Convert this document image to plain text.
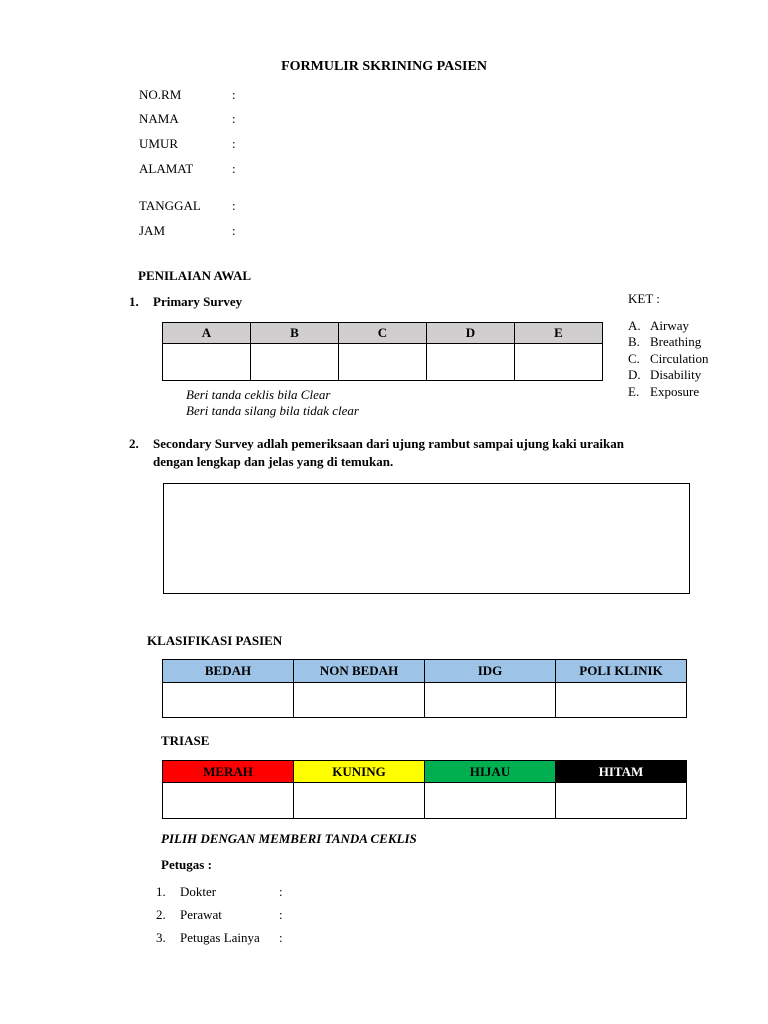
FORMULIR SKRINING PASIEN
NO.RM	:
NAMA	:
UMUR	:
ALAMAT	:
TANGGAL :
JAM	:
PENILAIAN AWAL
1. Primary Survey
A	B	C	D	E

Beri tanda ceklis bila Clear
Beri tanda silang bila tidak clear
KET :
A. Airway
B. Breathing
C. Circulation
D. Disability
E. Exposure
2. Secondary Survey adlah pemeriksaan dari ujung rambut sampai ujung kaki uraikan
dengan lengkap dan jelas yang di temukan.
KLASIFIKASI PASIEN
BEDAH	NON BEDAH	IDG	POLI KLINIK

TRIASE
MERAH	KUNING	HIJAU	HITAM

PILIH DENGAN MEMBERI TANDA CEKLIS
Petugas :
1. Dokter	:
2. Perawat	:
3. Petugas Lainya :
